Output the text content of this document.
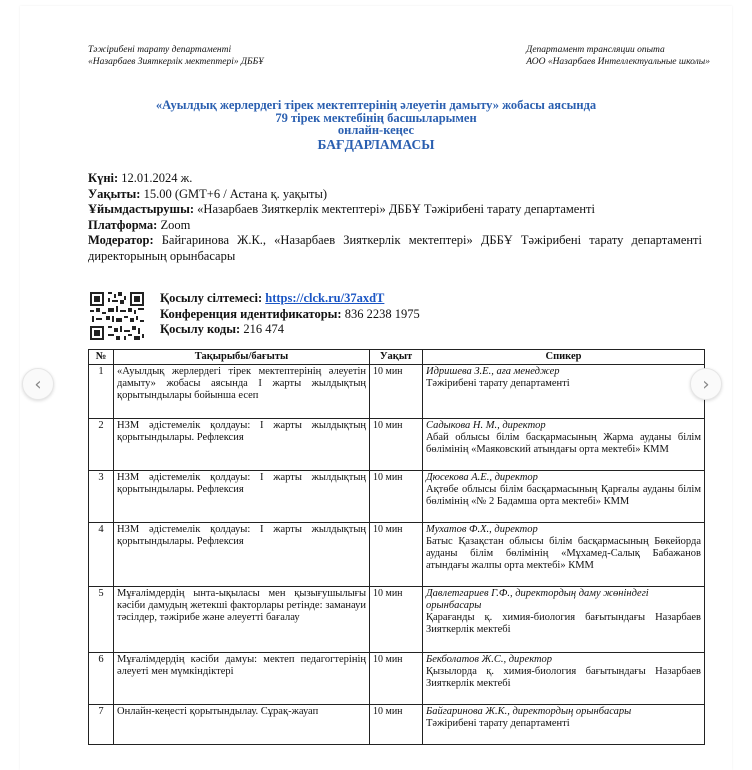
Тәжірибені тарату департаменті
«Назарбаев Зияткерлік мектептері» ДББҰ
Департамент трансляции опыта
АОО «Назарбаев Интеллектуальные школы»
«Ауылдық жерлердегі тірек мектептерінің әлеуетін дамыту» жобасы аясында
79 тірек мектебінің басшыларымен
онлайн-кеңес
БАҒДАРЛАМАСЫ

Күні: 12.01.2024 ж.

Уақыты: 15.00 (GMT+6 / Астана қ. уақыты)

Ұйымдастырушы: «Назарбаев Зияткерлік мектептері» ДББҰ Тәжірибені тарату департаменті

Платформа: Zoom

Модератор: Байгаринова Ж.К., «Назарбаев Зияткерлік мектептері» ДББҰ Тәжірибені тарату департаменті директорының орынбасары

Қосылу сілтемесі: https://clck.ru/37axdT
Конференция идентификаторы: 836 2238 1975
Қосылу коды: 216 474
№	Тақырыбы/бағыты	Уақыт	Спикер
1	«Ауылдық жерлердегі тірек мектептерінің әлеуетін дамыту» жобасы аясында I жарты жылдықтың қорытындылары бойынша есеп	10 мин	Идришева З.Е., аға менеджер
Тәжірибені тарату департаменті

2	НЗМ әдістемелік қолдауы: I жарты жылдықтың қорытындылары. Рефлексия	10 мин	Садыкова Н. М., директор
Абай облысы білім басқармасының Жарма ауданы білім бөлімінің «Маяковский атындағы орта мектебі» КММ

3	НЗМ әдістемелік қолдауы: I жарты жылдықтың қорытындылары. Рефлексия	10 мин	Дюсекова А.Е., директор
Ақтөбе облысы білім басқармасының Қарғалы ауданы білім бөлімінің «№ 2 Бадамша орта мектебі» КММ

4	НЗМ әдістемелік қолдауы: I жарты жылдықтың қорытындылары. Рефлексия	10 мин	Мухатов Ф.Х., директор
Батыс Қазақстан облысы білім басқармасының Бөкейорда ауданы білім бөлімінің «Мұхамед-Салық Бабажанов атындағы жалпы орта мектебі» КММ

5	Мұғалімдердің ынта-ықыласы мен қызығушылығы кәсіби дамудың жетекші факторлары ретінде: заманауи тәсілдер, тәжірибе және әлеуетті бағалау	10 мин	Давлетгариев Г.Ф., директордың даму жөніндегі орынбасары
Қарағанды қ. химия-биология бағытындағы Назарбаев Зияткерлік мектебі

6	Мұғалімдердің кәсіби дамуы: мектеп педагогтерінің әлеуеті мен мүмкіндіктері	10 мин	Бекболатов Ж.С., директор
Қызылорда қ. химия-биология бағытындағы Назарбаев Зияткерлік мектебі

7	Онлайн-кеңесті қорытындылау. Сұрақ-жауап	10 мин	Байгаринова Ж.К., директордың орынбасары
Тәжірибені тарату департаменті
‹	›
